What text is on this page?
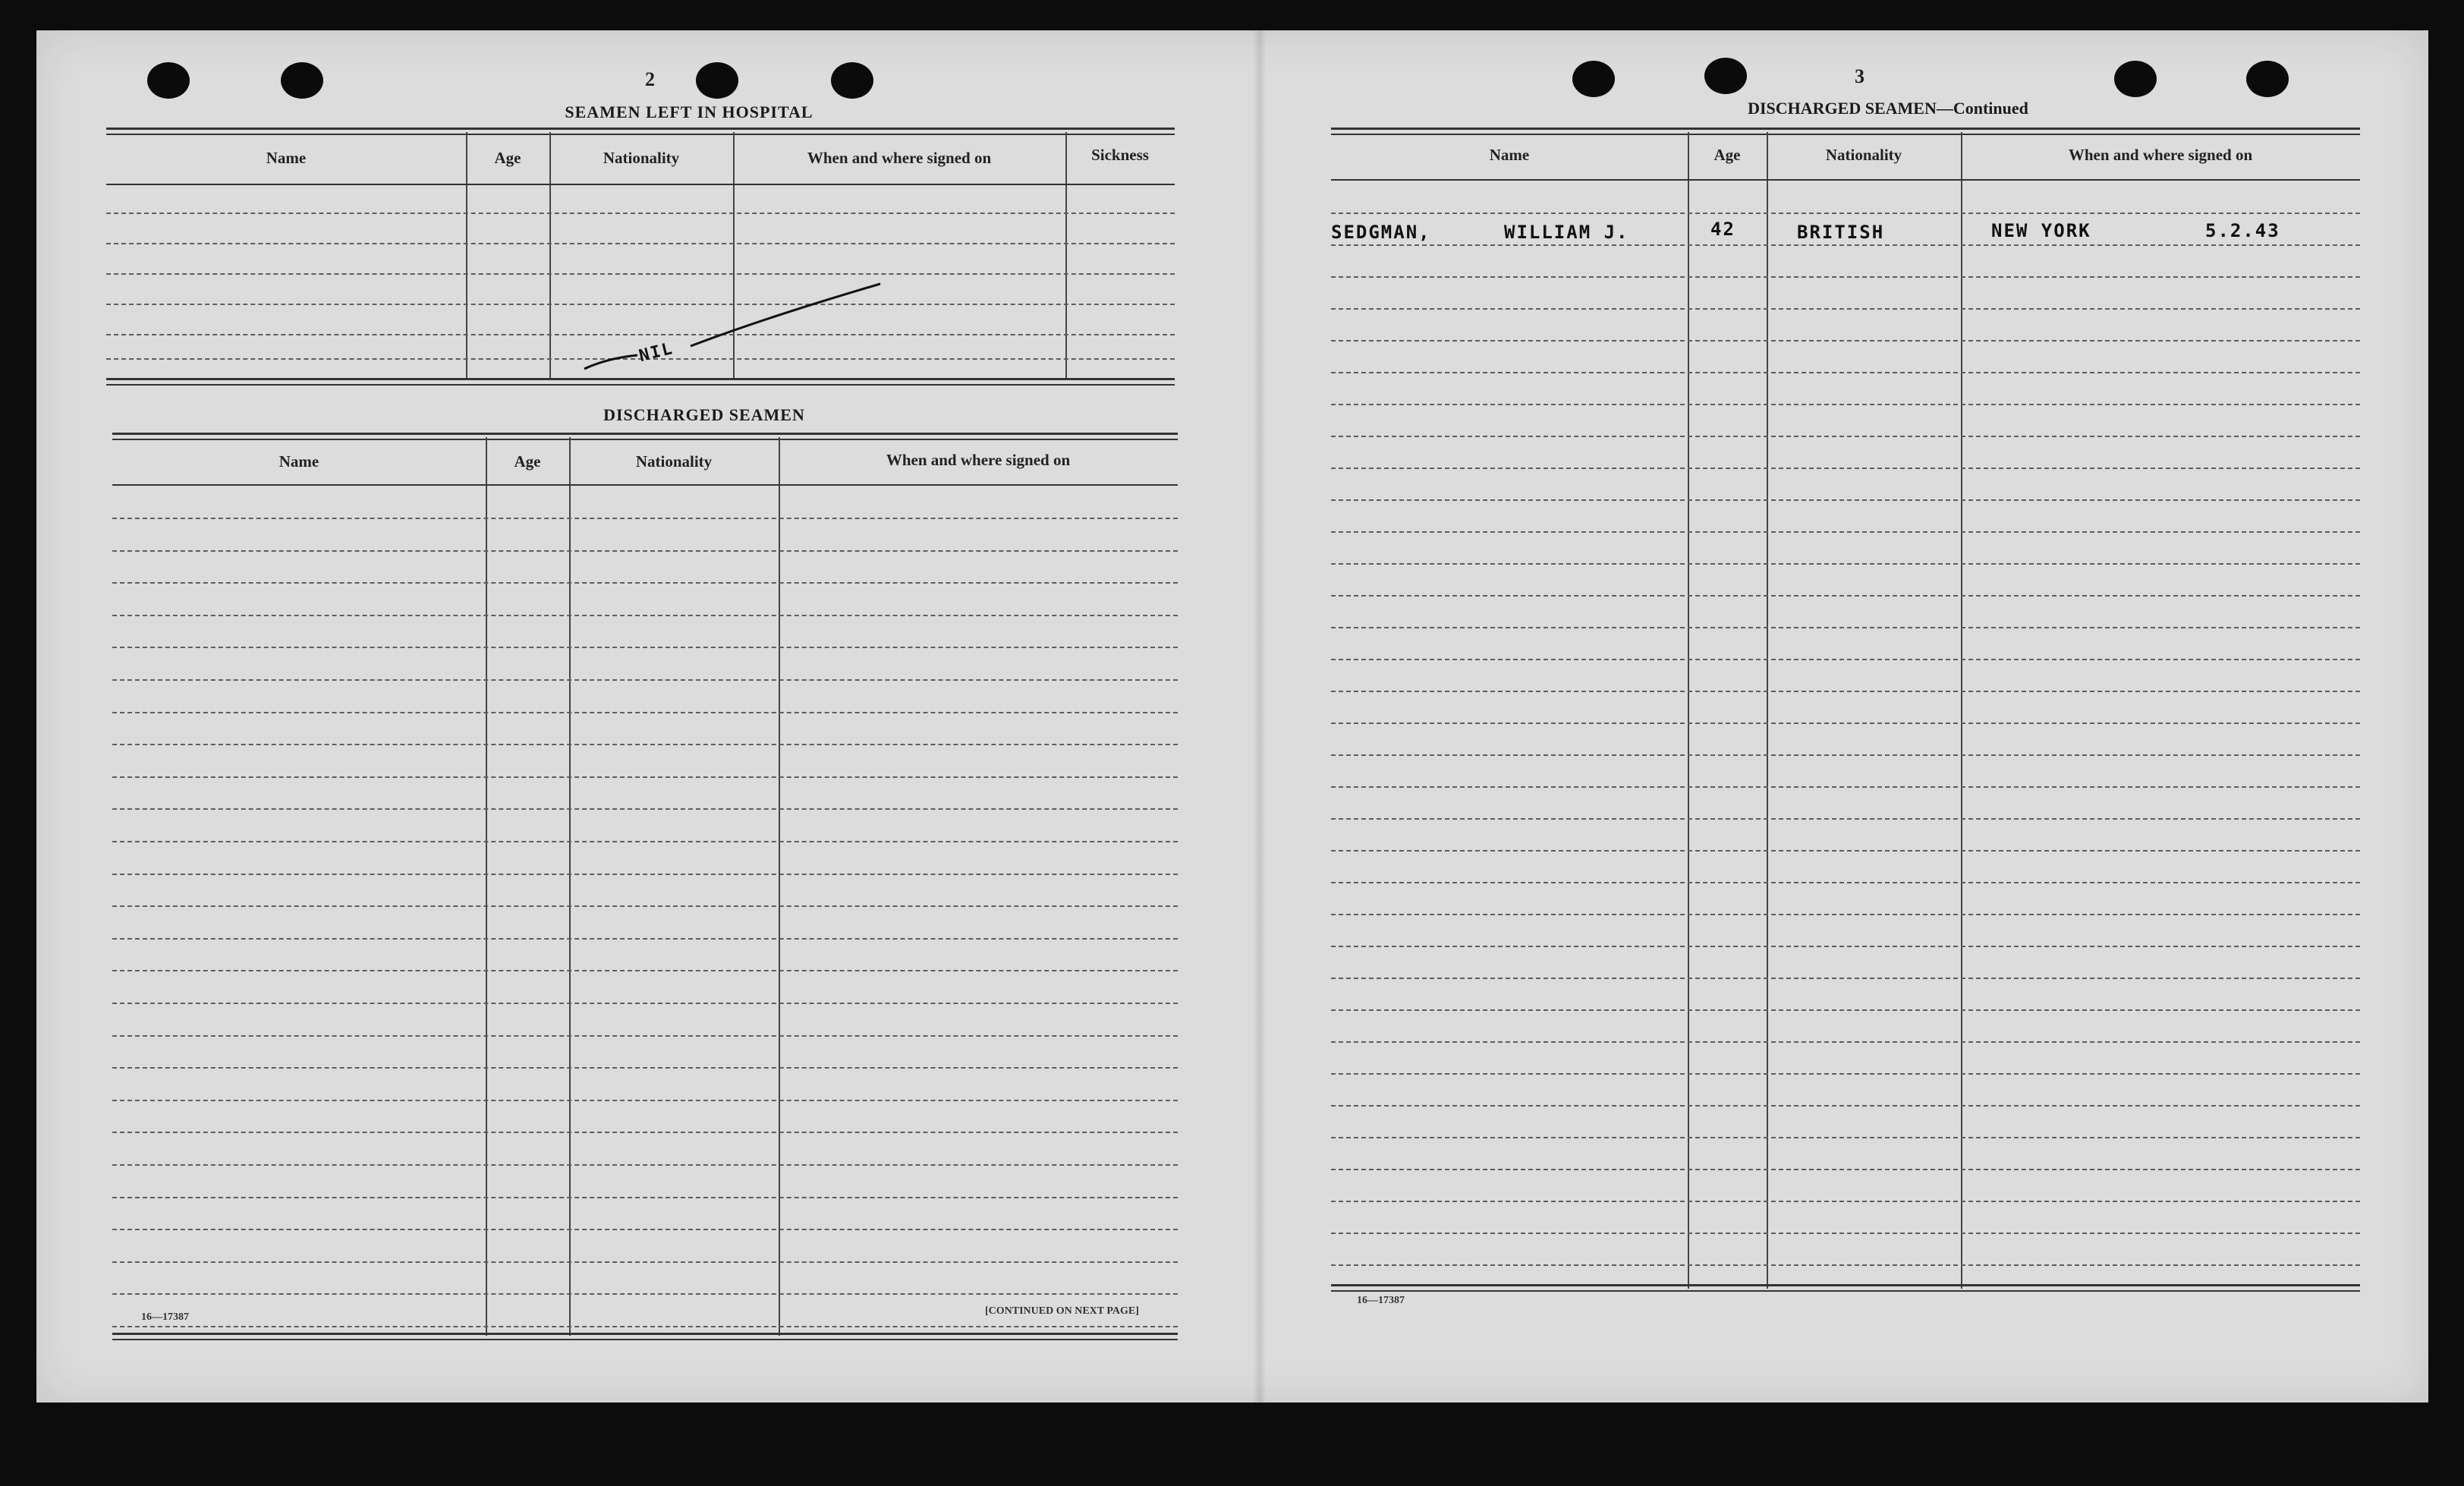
2
SEAMEN LEFT IN HOSPITAL
Name	Age	Nationality	When and where signed on	Sickness
NIL
DISCHARGED SEAMEN
Name	Age	Nationality	When and where signed on
16—17387
[CONTINUED ON NEXT PAGE]
3
DISCHARGED SEAMEN—Continued
Name	Age	Nationality	When and where signed on
SEDGMAN,	WILLIAM J.	42	BRITISH	NEW YORK	5.2.43
16—17387
